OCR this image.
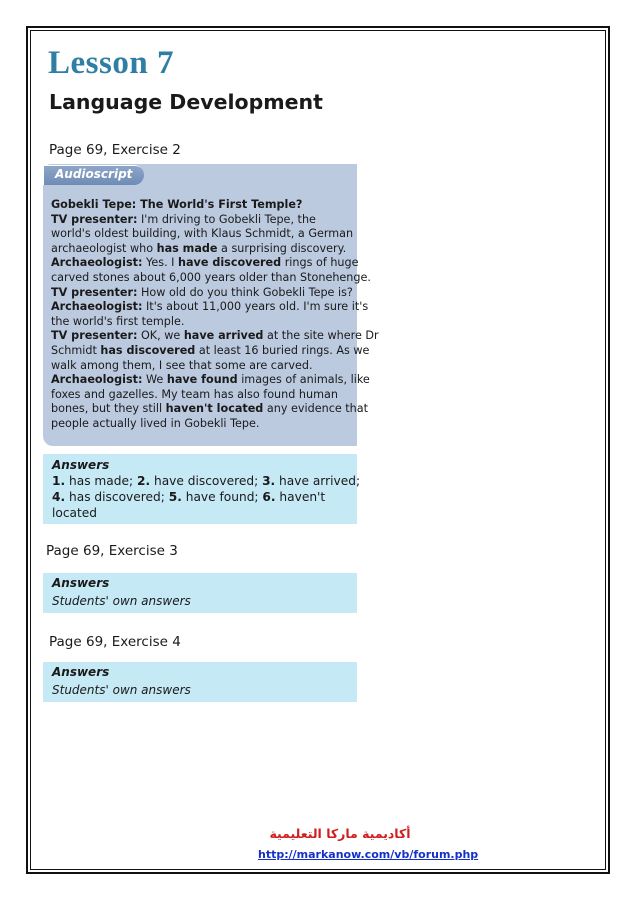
Lesson 7
Language Development

Page 69, Exercise 2

Audioscript
Gobekli Tepe: The World's First Temple?
TV presenter: I'm driving to Gobekli Tepe, the
world's oldest building, with Klaus Schmidt, a German
archaeologist who has made a surprising discovery.
Archaeologist: Yes. I have discovered rings of huge
carved stones about 6,000 years older than Stonehenge.
TV presenter: How old do you think Gobekli Tepe is?
Archaeologist: It's about 11,000 years old. I'm sure it's
the world's first temple.
TV presenter: OK, we have arrived at the site where Dr
Schmidt has discovered at least 16 buried rings. As we
walk among them, I see that some are carved.
Archaeologist: We have found images of animals, like
foxes and gazelles. My team has also found human
bones, but they still haven't located any evidence that
people actually lived in Gobekli Tepe.
Answers
1. has made; 2. have discovered; 3. have arrived;
4. has discovered; 5. have found; 6. haven't
located

Page 69, Exercise 3

Answers
Students' own answers

Page 69, Exercise 4

Answers
Students' own answers
أكاديمية ماركا التعليمية
http://markanow.com/vb/forum.php
